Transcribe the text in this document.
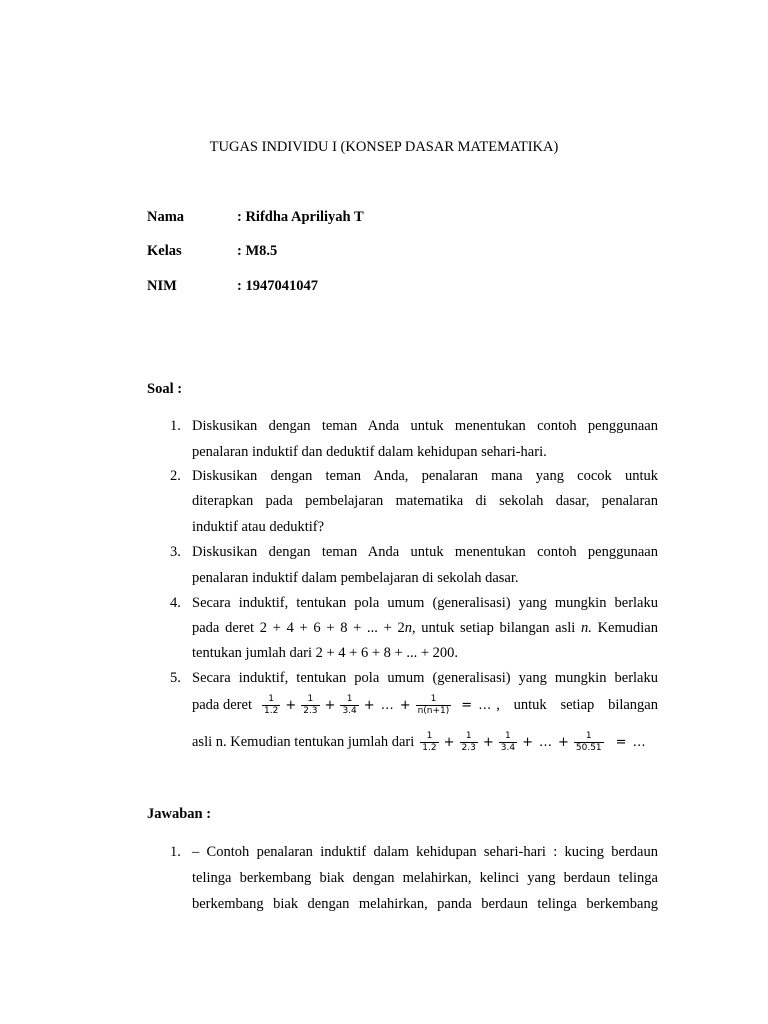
TUGAS INDIVIDU I (KONSEP DASAR MATEMATIKA)
Nama	: Rifdha Apriliyah T
Kelas	: M8.5
NIM	: 1947041047
Soal :
1. Diskusikan dengan teman Anda untuk menentukan contoh penggunaan
penalaran induktif dan deduktif dalam kehidupan sehari-hari.
2. Diskusikan dengan teman Anda, penalaran mana yang cocok untuk
diterapkan pada pembelajaran matematika di sekolah dasar, penalaran
induktif atau deduktif?
3. Diskusikan dengan teman Anda untuk menentukan contoh penggunaan
penalaran induktif dalam pembelajaran di sekolah dasar.
4. Secara induktif, tentukan pola umum (generalisasi) yang mungkin berlaku
pada deret 2 + 4 + 6 + 8 + ... + 2n, untuk setiap bilangan asli n. Kemudian
tentukan jumlah dari 2 + 4 + 6 + 8 + ... + 200.
5. Secara induktif, tentukan pola umum (generalisasi) yang mungkin berlaku
pada deret $\frac{1}{1.2} + \frac{1}{2.3} + \frac{1}{3.4}$ + … + $\frac{1}{n(n+1)}$ = … , untuk setiap bilangan
asli n. Kemudian tentukan jumlah dari $\frac{1}{1.2} + \frac{1}{2.3} + \frac{1}{3.4}$ + … + $\frac{1}{50.51}$ = …
Jawaban :
1. – Contoh penalaran induktif dalam kehidupan sehari-hari : kucing berdaun
telinga berkembang biak dengan melahirkan, kelinci yang berdaun telinga
berkembang biak dengan melahirkan, panda berdaun telinga berkembang
